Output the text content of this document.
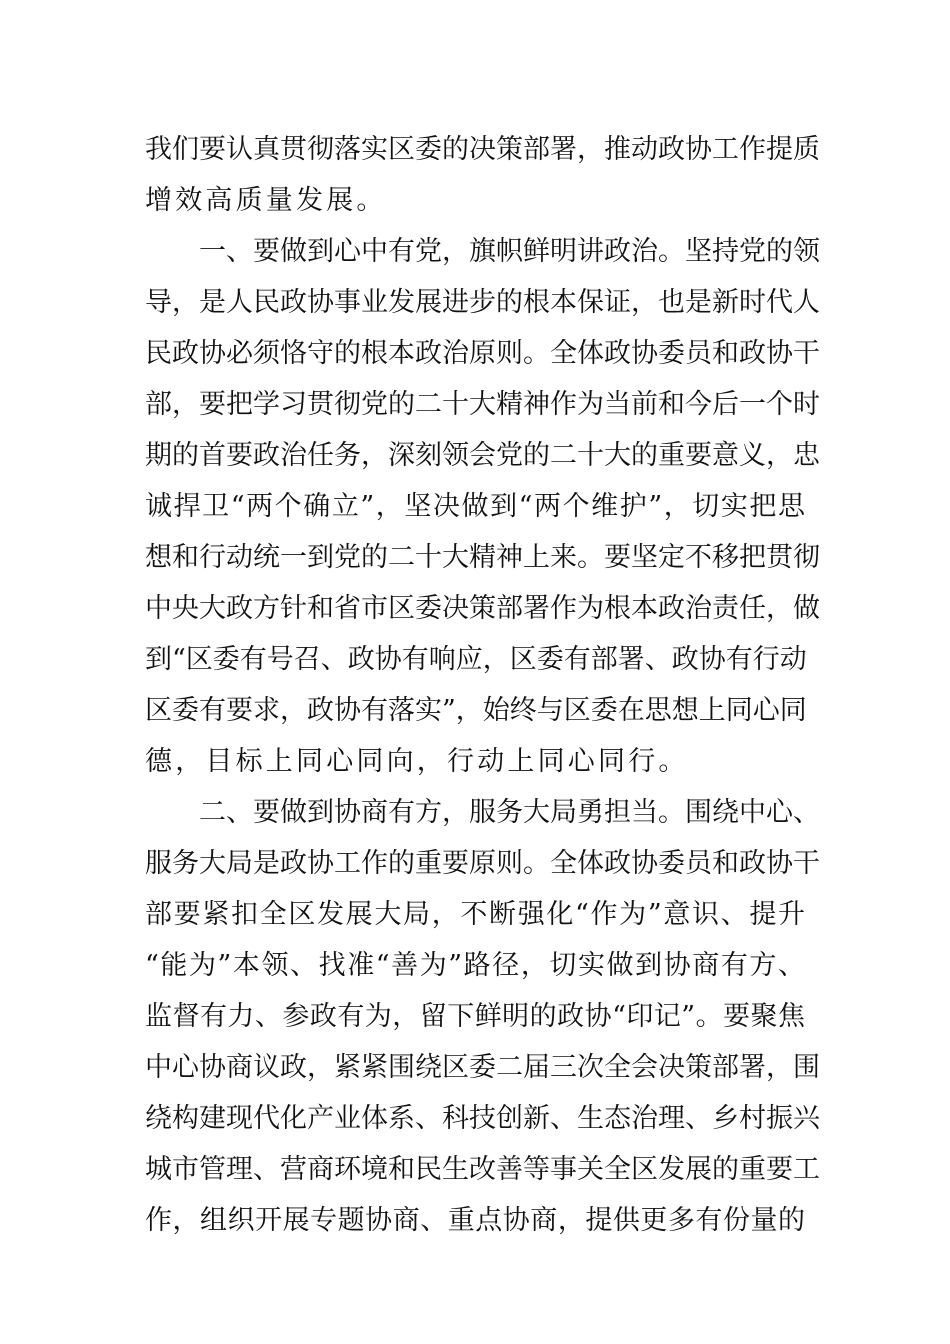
我们要认真贯彻落实区委的决策部署，推动政协工作提质
增效高质量发展。
一、要做到心中有党，旗帜鲜明讲政治。坚持党的领
导，是人民政协事业发展进步的根本保证，也是新时代人
民政协必须恪守的根本政治原则。全体政协委员和政协干
部，要把学习贯彻党的二十大精神作为当前和今后一个时
期的首要政治任务，深刻领会党的二十大的重要意义，忠
诚捍卫“两个确立”，坚决做到“两个维护”，切实把思
想和行动统一到党的二十大精神上来。要坚定不移把贯彻
中央大政方针和省市区委决策部署作为根本政治责任，做
到“区委有号召、政协有响应，区委有部署、政协有行动
区委有要求，政协有落实”，始终与区委在思想上同心同
德，目标上同心同向，行动上同心同行。
二、要做到协商有方，服务大局勇担当。围绕中心、
服务大局是政协工作的重要原则。全体政协委员和政协干
部要紧扣全区发展大局，不断强化“作为”意识、提升
“能为”本领、找准“善为”路径，切实做到协商有方、
监督有力、参政有为，留下鲜明的政协“印记”。要聚焦
中心协商议政，紧紧围绕区委二届三次全会决策部署，围
绕构建现代化产业体系、科技创新、生态治理、乡村振兴
城市管理、营商环境和民生改善等事关全区发展的重要工
作，组织开展专题协商、重点协商，提供更多有份量的
